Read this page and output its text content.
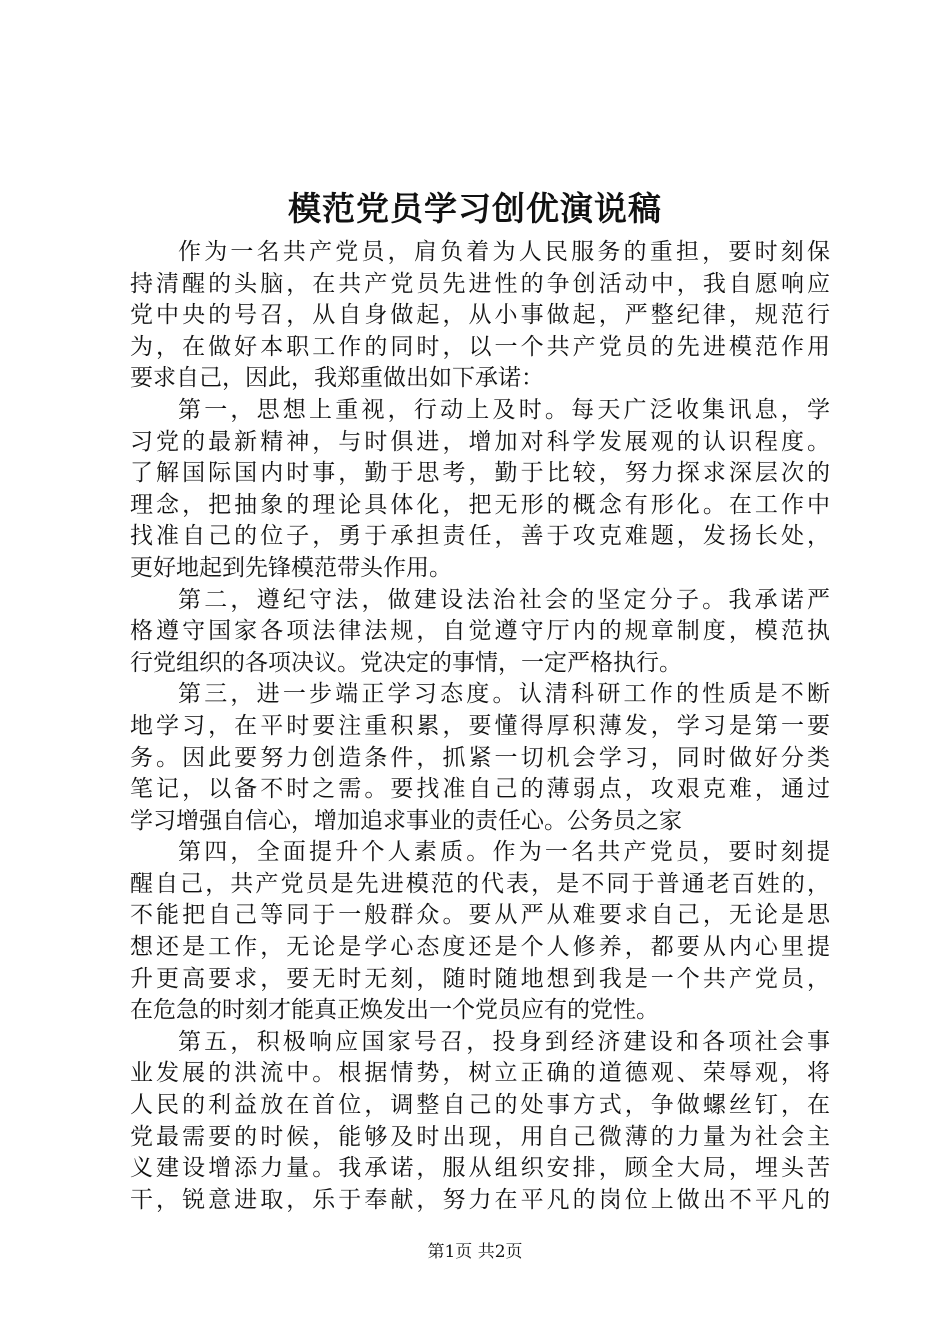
模范党员学习创优演说稿
作为一名共产党员，肩负着为人民服务的重担，要时刻保
持清醒的头脑，在共产党员先进性的争创活动中，我自愿响应
党中央的号召，从自身做起，从小事做起，严整纪律，规范行
为，在做好本职工作的同时，以一个共产党员的先进模范作用
要求自己，因此，我郑重做出如下承诺：
第一，思想上重视，行动上及时。每天广泛收集讯息，学
习党的最新精神，与时俱进，增加对科学发展观的认识程度。
了解国际国内时事，勤于思考，勤于比较，努力探求深层次的
理念，把抽象的理论具体化，把无形的概念有形化。在工作中
找准自己的位子，勇于承担责任，善于攻克难题，发扬长处，
更好地起到先锋模范带头作用。
第二，遵纪守法，做建设法治社会的坚定分子。我承诺严
格遵守国家各项法律法规，自觉遵守厅内的规章制度，模范执
行党组织的各项决议。党决定的事情，一定严格执行。
第三，进一步端正学习态度。认清科研工作的性质是不断
地学习，在平时要注重积累，要懂得厚积薄发，学习是第一要
务。因此要努力创造条件，抓紧一切机会学习，同时做好分类
笔记，以备不时之需。要找准自己的薄弱点，攻艰克难，通过
学习增强自信心，增加追求事业的责任心。公务员之家
第四，全面提升个人素质。作为一名共产党员，要时刻提
醒自己，共产党员是先进模范的代表，是不同于普通老百姓的，
不能把自己等同于一般群众。要从严从难要求自己，无论是思
想还是工作，无论是学心态度还是个人修养，都要从内心里提
升更高要求，要无时无刻，随时随地想到我是一个共产党员，
在危急的时刻才能真正焕发出一个党员应有的党性。
第五，积极响应国家号召，投身到经济建设和各项社会事
业发展的洪流中。根据情势，树立正确的道德观、荣辱观，将
人民的利益放在首位，调整自己的处事方式，争做螺丝钉，在
党最需要的时候，能够及时出现，用自己微薄的力量为社会主
义建设增添力量。我承诺，服从组织安排，顾全大局，埋头苦
干，锐意进取，乐于奉献，努力在平凡的岗位上做出不平凡的
第1页 共2页
